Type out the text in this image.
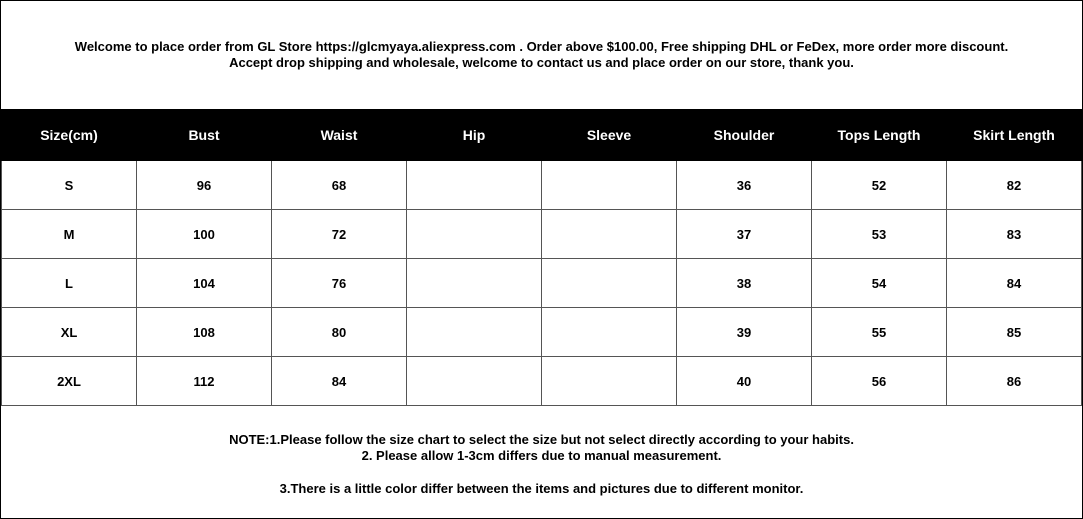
Welcome to place order from GL Store https://glcmyaya.aliexpress.com . Order above $100.00, Free shipping DHL or FeDex, more order more discount.
Accept drop shipping and wholesale, welcome to contact us and place order on our store, thank you.
Size(cm)	Bust	Waist	Hip	Sleeve	Shoulder	Tops Length	Skirt Length
S	96	68			36	52	82
M	100	72			37	53	83
L	104	76			38	54	84
XL	108	80			39	55	85
2XL	112	84			40	56	86
NOTE:1.Please follow the size chart to select the size but not select directly according to your habits.
2. Please allow 1-3cm differs due to manual measurement.
3.There is a little color differ between the items and pictures due to different monitor.
